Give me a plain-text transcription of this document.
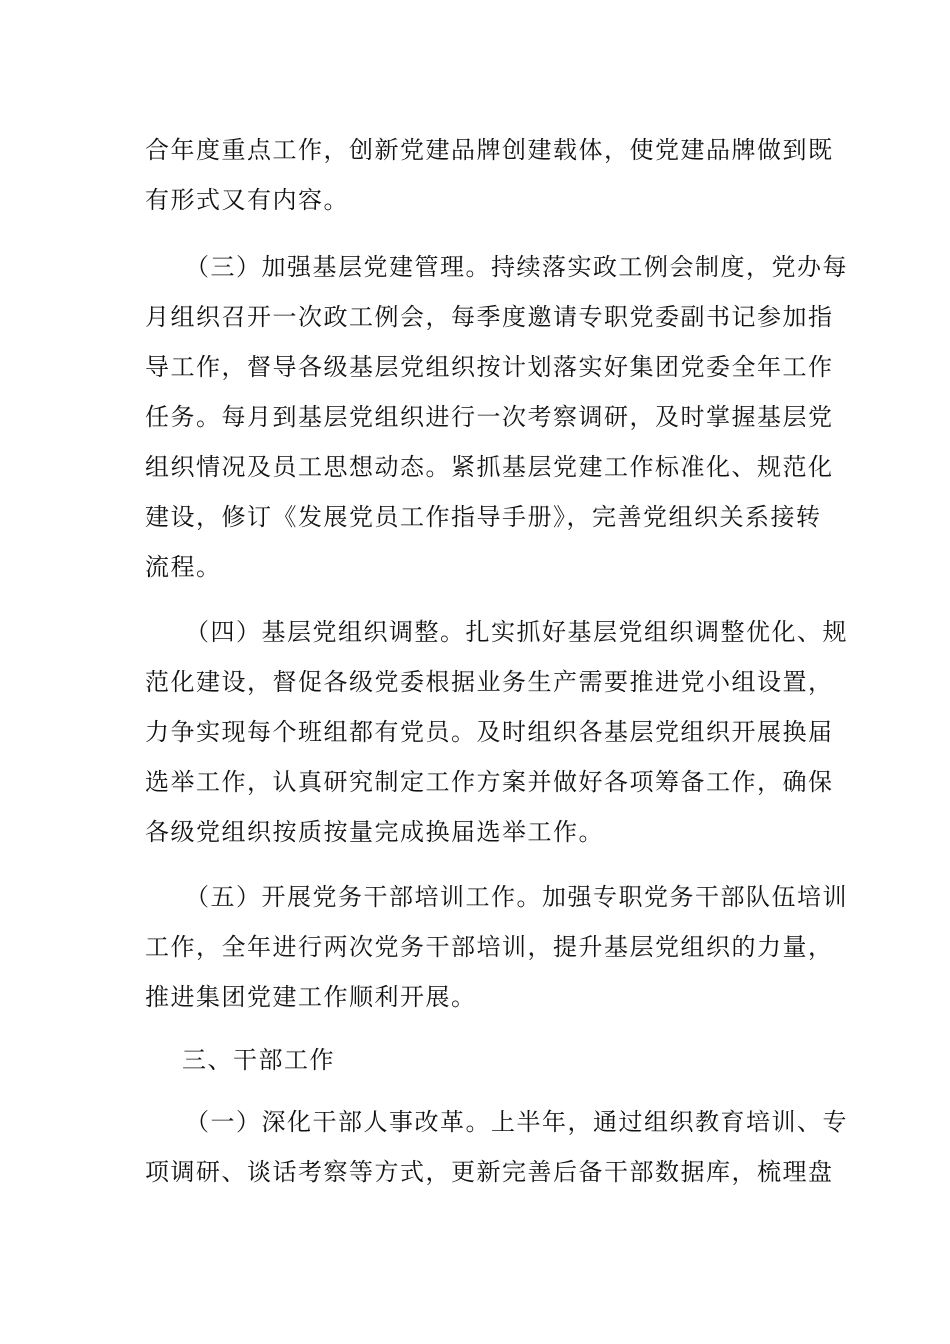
合年度重点工作，创新党建品牌创建载体，使党建品牌做到既
有形式又有内容。
（三）加强基层党建管理。持续落实政工例会制度，党办每
月组织召开一次政工例会，每季度邀请专职党委副书记参加指
导工作，督导各级基层党组织按计划落实好集团党委全年工作
任务。每月到基层党组织进行一次考察调研，及时掌握基层党
组织情况及员工思想动态。紧抓基层党建工作标准化、规范化
建设，修订《发展党员工作指导手册》，完善党组织关系接转
流程。
（四）基层党组织调整。扎实抓好基层党组织调整优化、规
范化建设，督促各级党委根据业务生产需要推进党小组设置，
力争实现每个班组都有党员。及时组织各基层党组织开展换届
选举工作，认真研究制定工作方案并做好各项筹备工作，确保
各级党组织按质按量完成换届选举工作。
（五）开展党务干部培训工作。加强专职党务干部队伍培训
工作，全年进行两次党务干部培训，提升基层党组织的力量，
推进集团党建工作顺利开展。
三、干部工作
（一）深化干部人事改革。上半年，通过组织教育培训、专
项调研、谈话考察等方式，更新完善后备干部数据库，梳理盘
